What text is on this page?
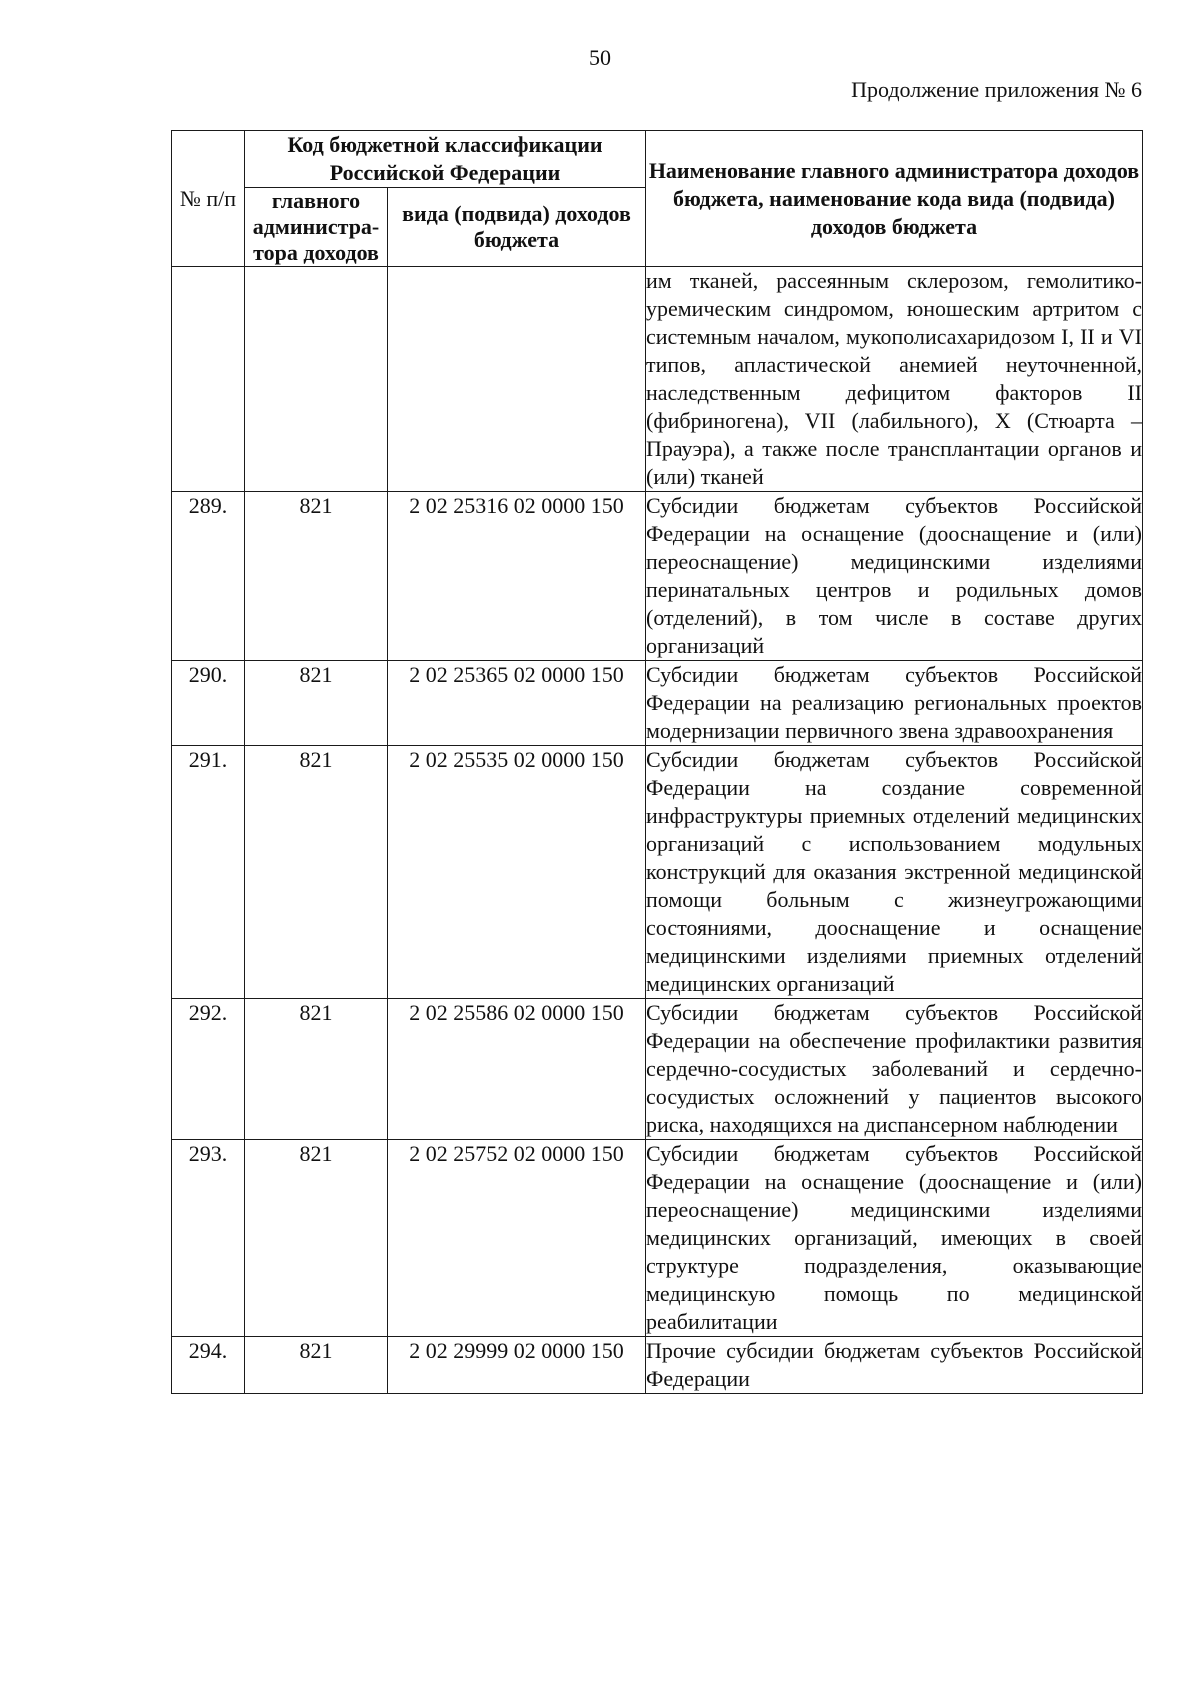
50
Продолжение приложения № 6
№ п/п	Код бюджетной классификации Российской Федерации		Наименование главного администратора доходов бюджета, наименование кода вида (подвида) доходов бюджета
	главного администра-тора доходов	вида (подвида) доходов бюджета	
			им тканей, рассеянным склерозом, гемолитико-уремическим синдромом, юношеским артритом с системным началом, мукополисахаридозом I, II и VI типов, апластической анемией неуточненной, наследственным дефицитом факторов II (фибриногена), VII (лабильного), X (Стюарта – Прауэра), а также после трансплантации органов и (или) тканей
289.	821	2 02 25316 02 0000 150	Субсидии бюджетам субъектов Российской Федерации на оснащение (дооснащение и (или) переоснащение) медицинскими изделиями перинатальных центров и родильных домов (отделений), в том числе в составе других организаций
290.	821	2 02 25365 02 0000 150	Субсидии бюджетам субъектов Российской Федерации на реализацию региональных проектов модернизации первичного звена здравоохранения
291.	821	2 02 25535 02 0000 150	Субсидии бюджетам субъектов Российской Федерации на создание современной инфраструктуры приемных отделений медицинских организаций с использованием модульных конструкций для оказания экстренной медицинской помощи больным с жизнеугрожающими состояниями, дооснащение и оснащение медицинскими изделиями приемных отделений медицинских организаций
292.	821	2 02 25586 02 0000 150	Субсидии бюджетам субъектов Российской Федерации на обеспечение профилактики развития сердечно-сосудистых заболеваний и сердечно-сосудистых осложнений у пациентов высокого риска, находящихся на диспансерном наблюдении
293.	821	2 02 25752 02 0000 150	Субсидии бюджетам субъектов Российской Федерации на оснащение (дооснащение и (или) переоснащение) медицинскими изделиями медицинских организаций, имеющих в своей структуре подразделения, оказывающие медицинскую помощь по медицинской реабилитации
294.	821	2 02 29999 02 0000 150	Прочие субсидии бюджетам субъектов Российской Федерации
